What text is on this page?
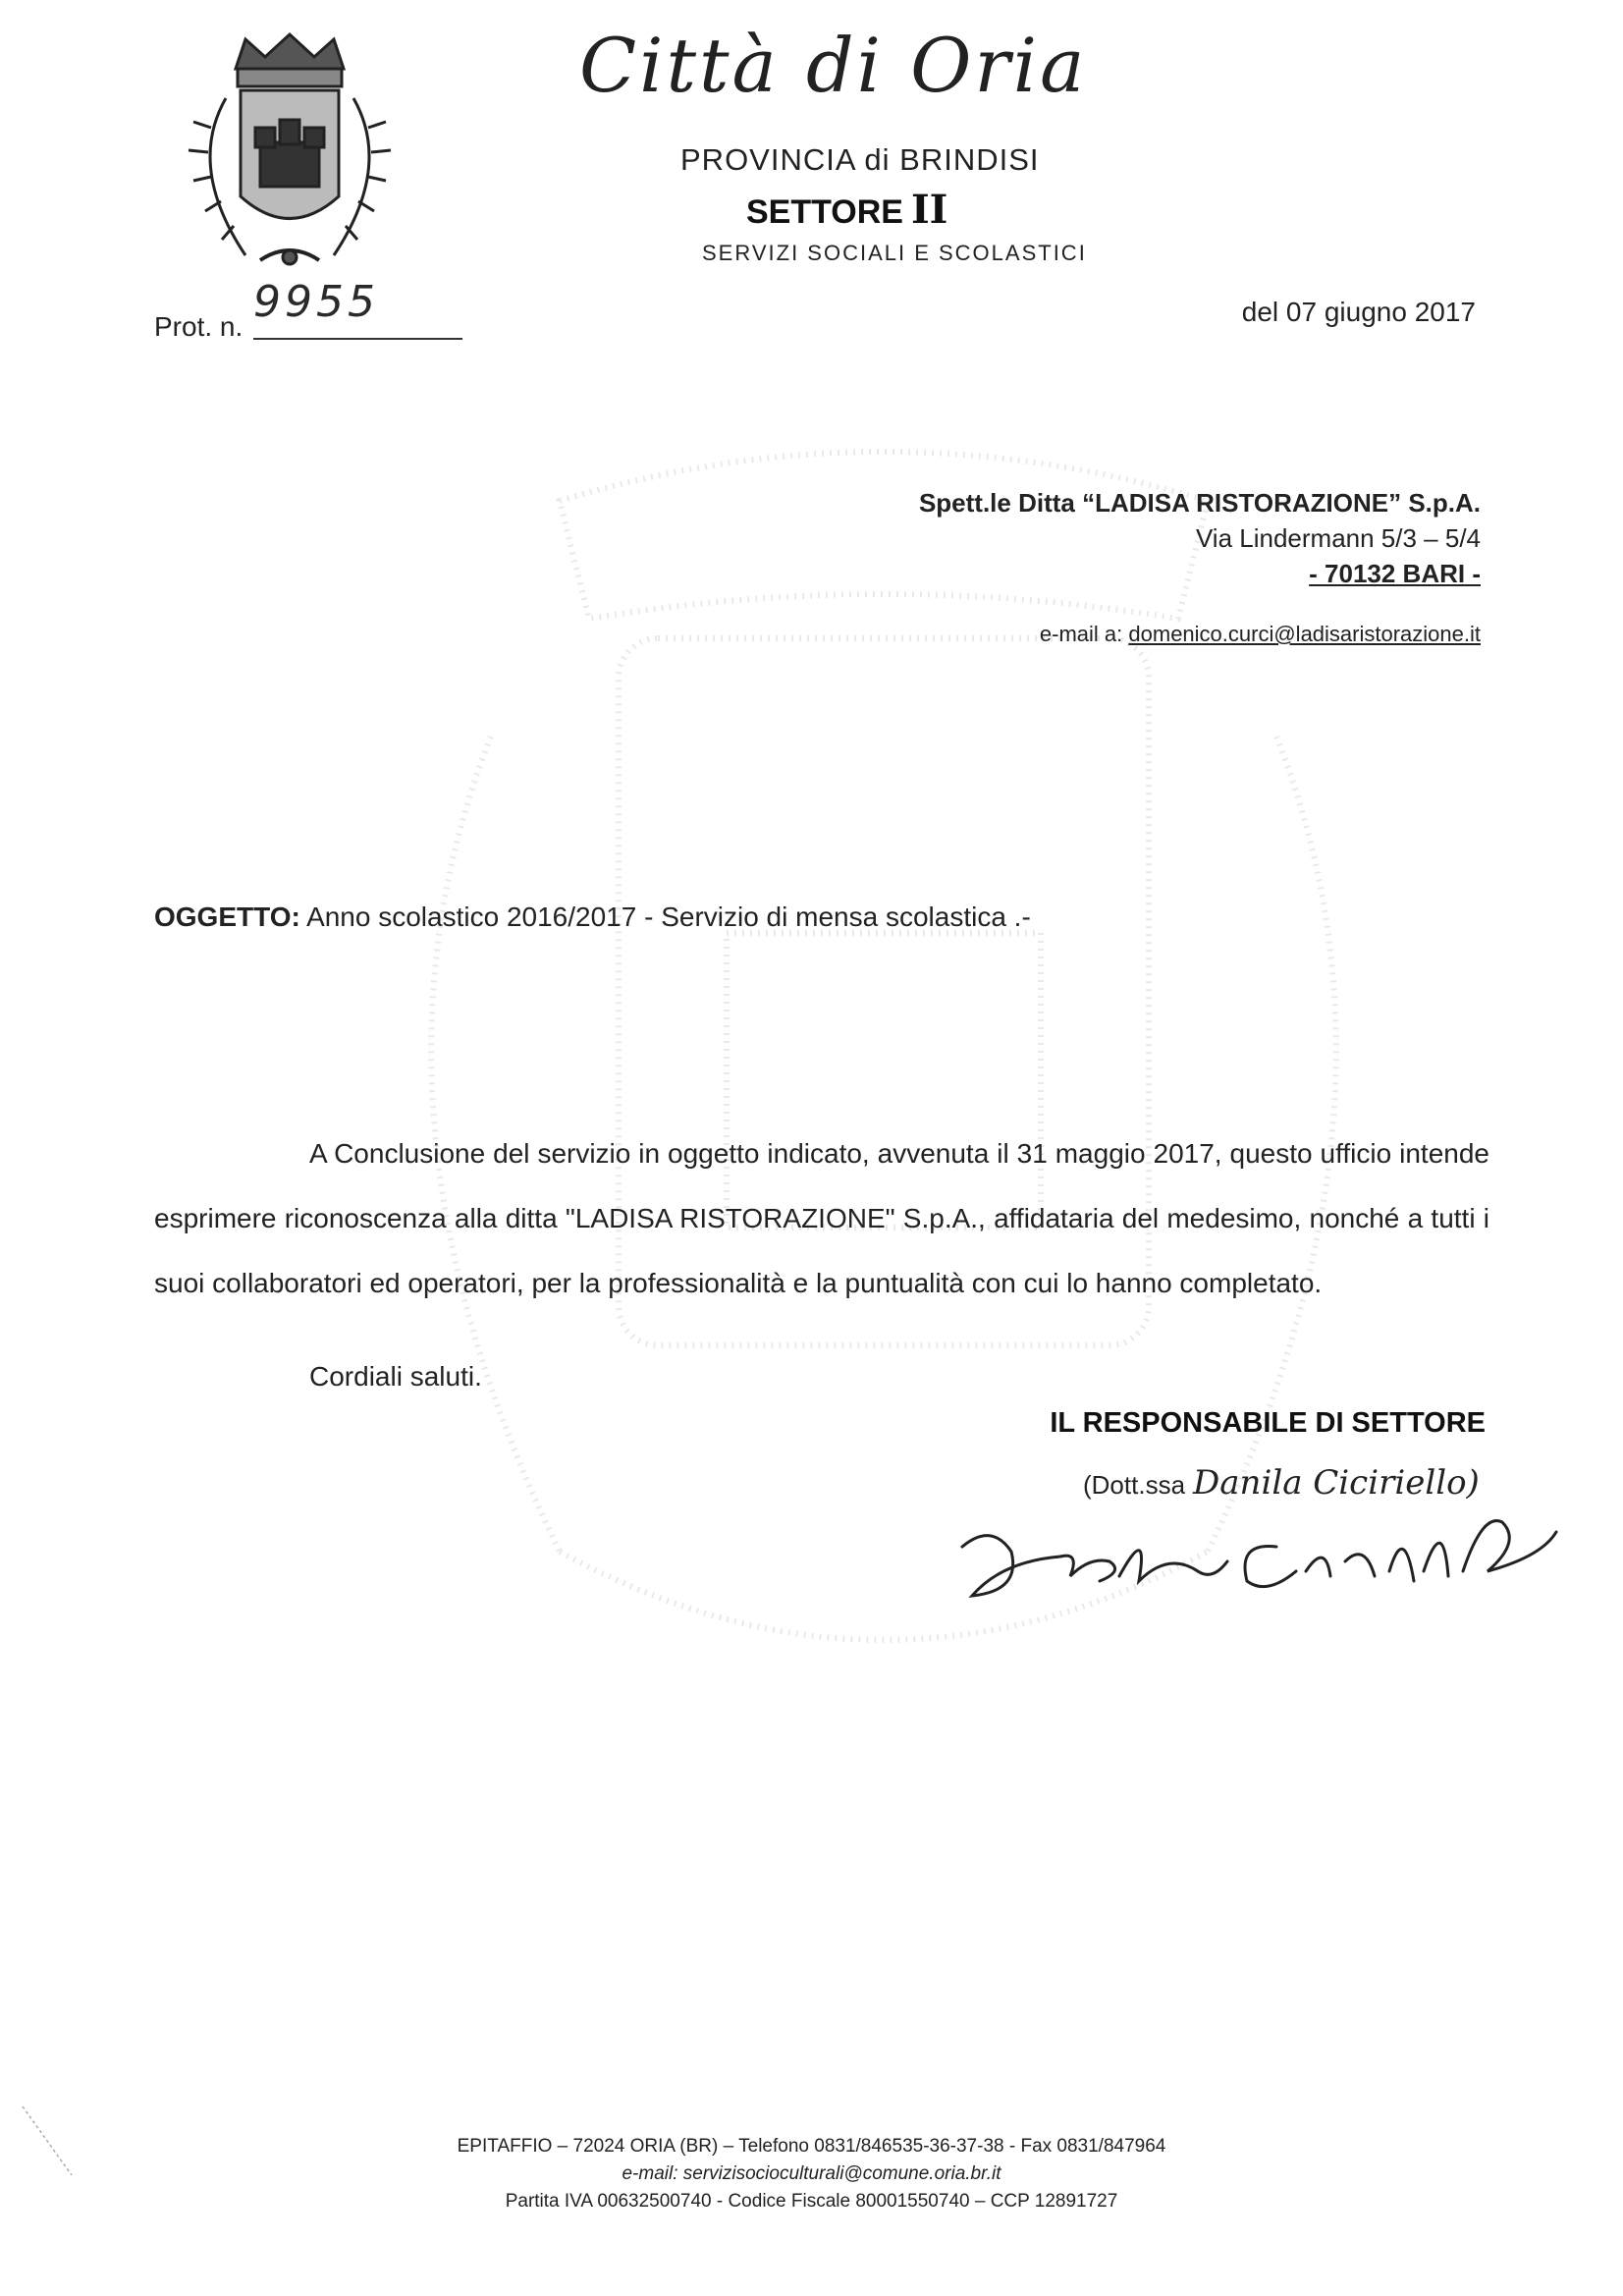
Città di Oria
PROVINCIA di BRINDISI
SETTORE II
SERVIZI SOCIALI E SCOLASTICI
Prot. n. 9955	del 07 giugno 2017
Spett.le Ditta “LADISA RISTORAZIONE” S.p.A.
Via Lindermann 5/3 – 5/4
- 70132 BARI -
e-mail a: domenico.curci@ladisaristorazione.it
OGGETTO: Anno scolastico 2016/2017 - Servizio di mensa scolastica .-
A Conclusione del servizio in oggetto indicato, avvenuta il 31 maggio 2017, questo ufficio intende esprimere riconoscenza alla ditta "LADISA RISTORAZIONE" S.p.A., affidataria del medesimo, nonché a tutti i suoi collaboratori ed operatori, per la professionalità e la puntualità con cui lo hanno completato.
Cordiali saluti.
IL RESPONSABILE DI SETTORE
(Dott.ssa Danila Ciciriello)
EPITAFFIO – 72024 ORIA (BR) – Telefono 0831/846535-36-37-38 - Fax 0831/847964
e-mail: servizisocioculturali@comune.oria.br.it
Partita IVA 00632500740 - Codice Fiscale 80001550740 – CCP 12891727
